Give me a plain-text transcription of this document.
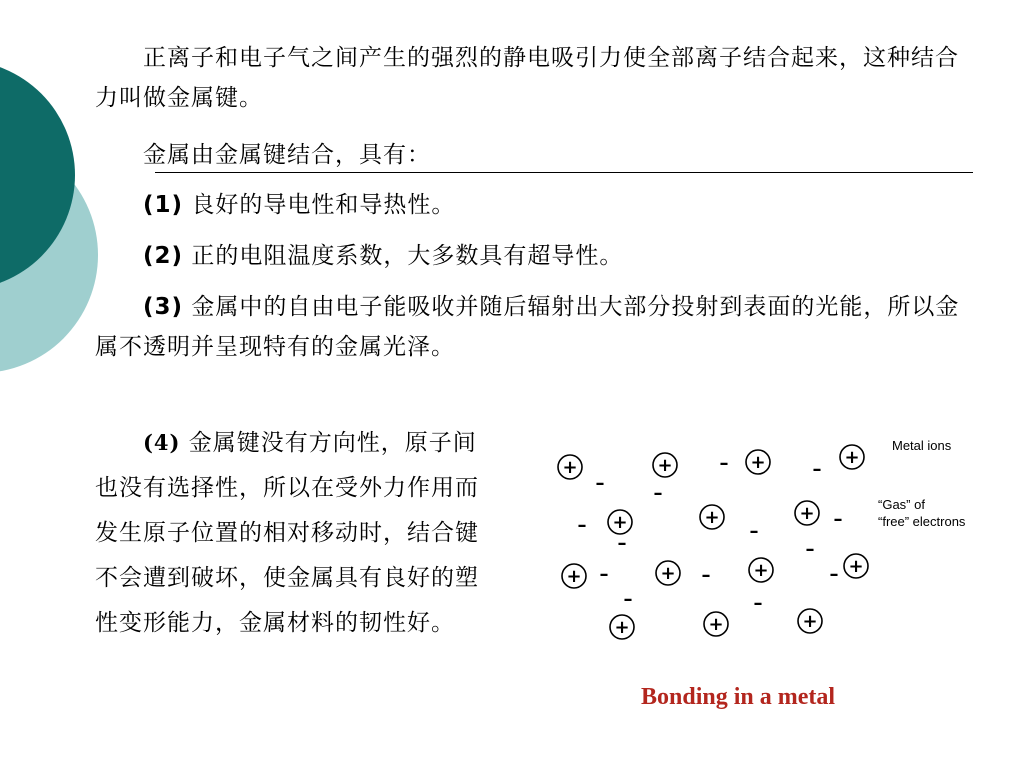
正离子和电子气之间产生的强烈的静电吸引力使全部离子结合起来，这种结合力叫做金属键。

金属由金属键结合，具有：

(1) 良好的导电性和导热性。

(2) 正的电阻温度系数，大多数具有超导性。

(3) 金属中的自由电子能吸收并随后辐射出大部分投射到表面的光能，所以金属不透明并呈现特有的金属光泽。

(4) 金属键没有方向性，原子间也没有选择性，所以在受外力作用而发生原子位置的相对移动时，结合键不会遭到破坏，使金属具有良好的塑性变形能力，金属材料的韧性好。

+	+	+	+
+	+	+
+	+	+	+
+	+	+
–	–
–	–
–
–
–
–
–
–	–	–
–	–
Metal ions
“Gas” of
“free” electrons
Bonding in a metal
